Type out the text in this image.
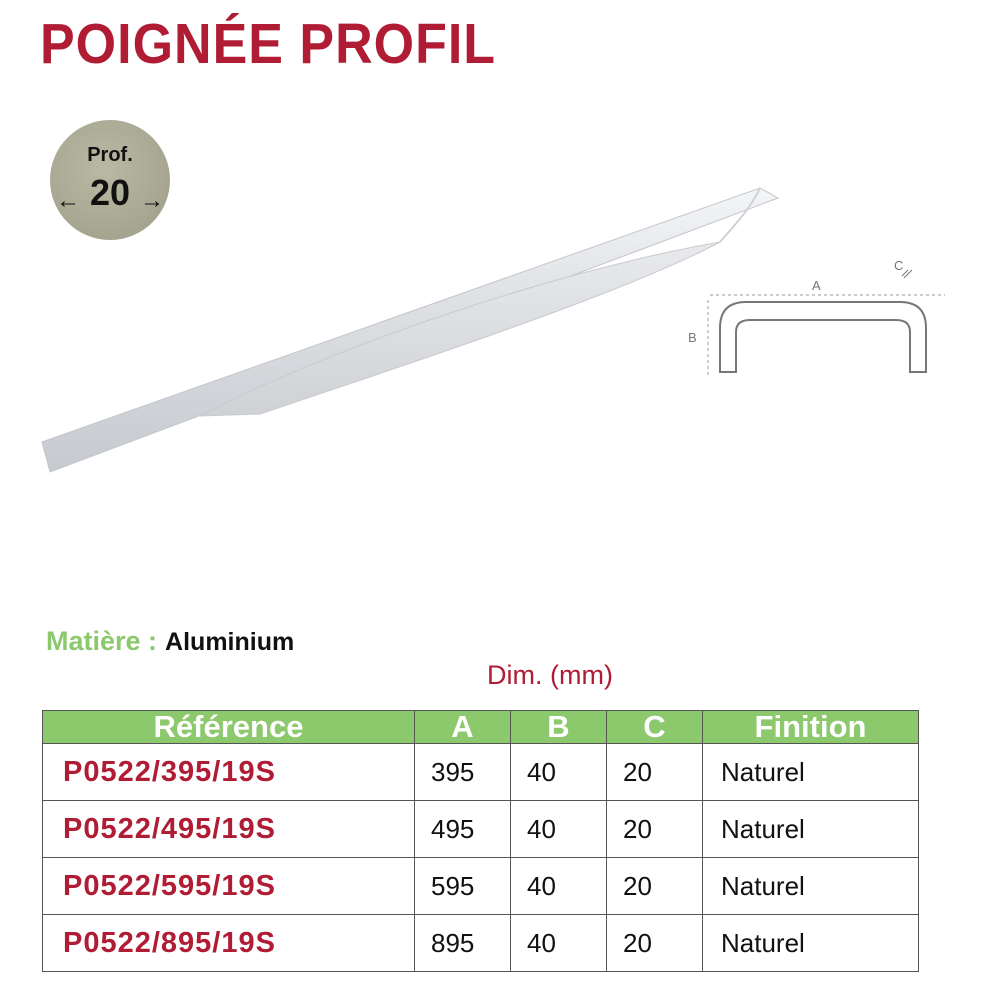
POIGNÉE PROFIL
Prof.
20
←	→
A
B
C
Matière : Aluminium
Dim. (mm)
Référence	A	B	C	Finition
P0522/395/19S	395	40	20	Naturel
P0522/495/19S	495	40	20	Naturel
P0522/595/19S	595	40	20	Naturel
P0522/895/19S	895	40	20	Naturel
